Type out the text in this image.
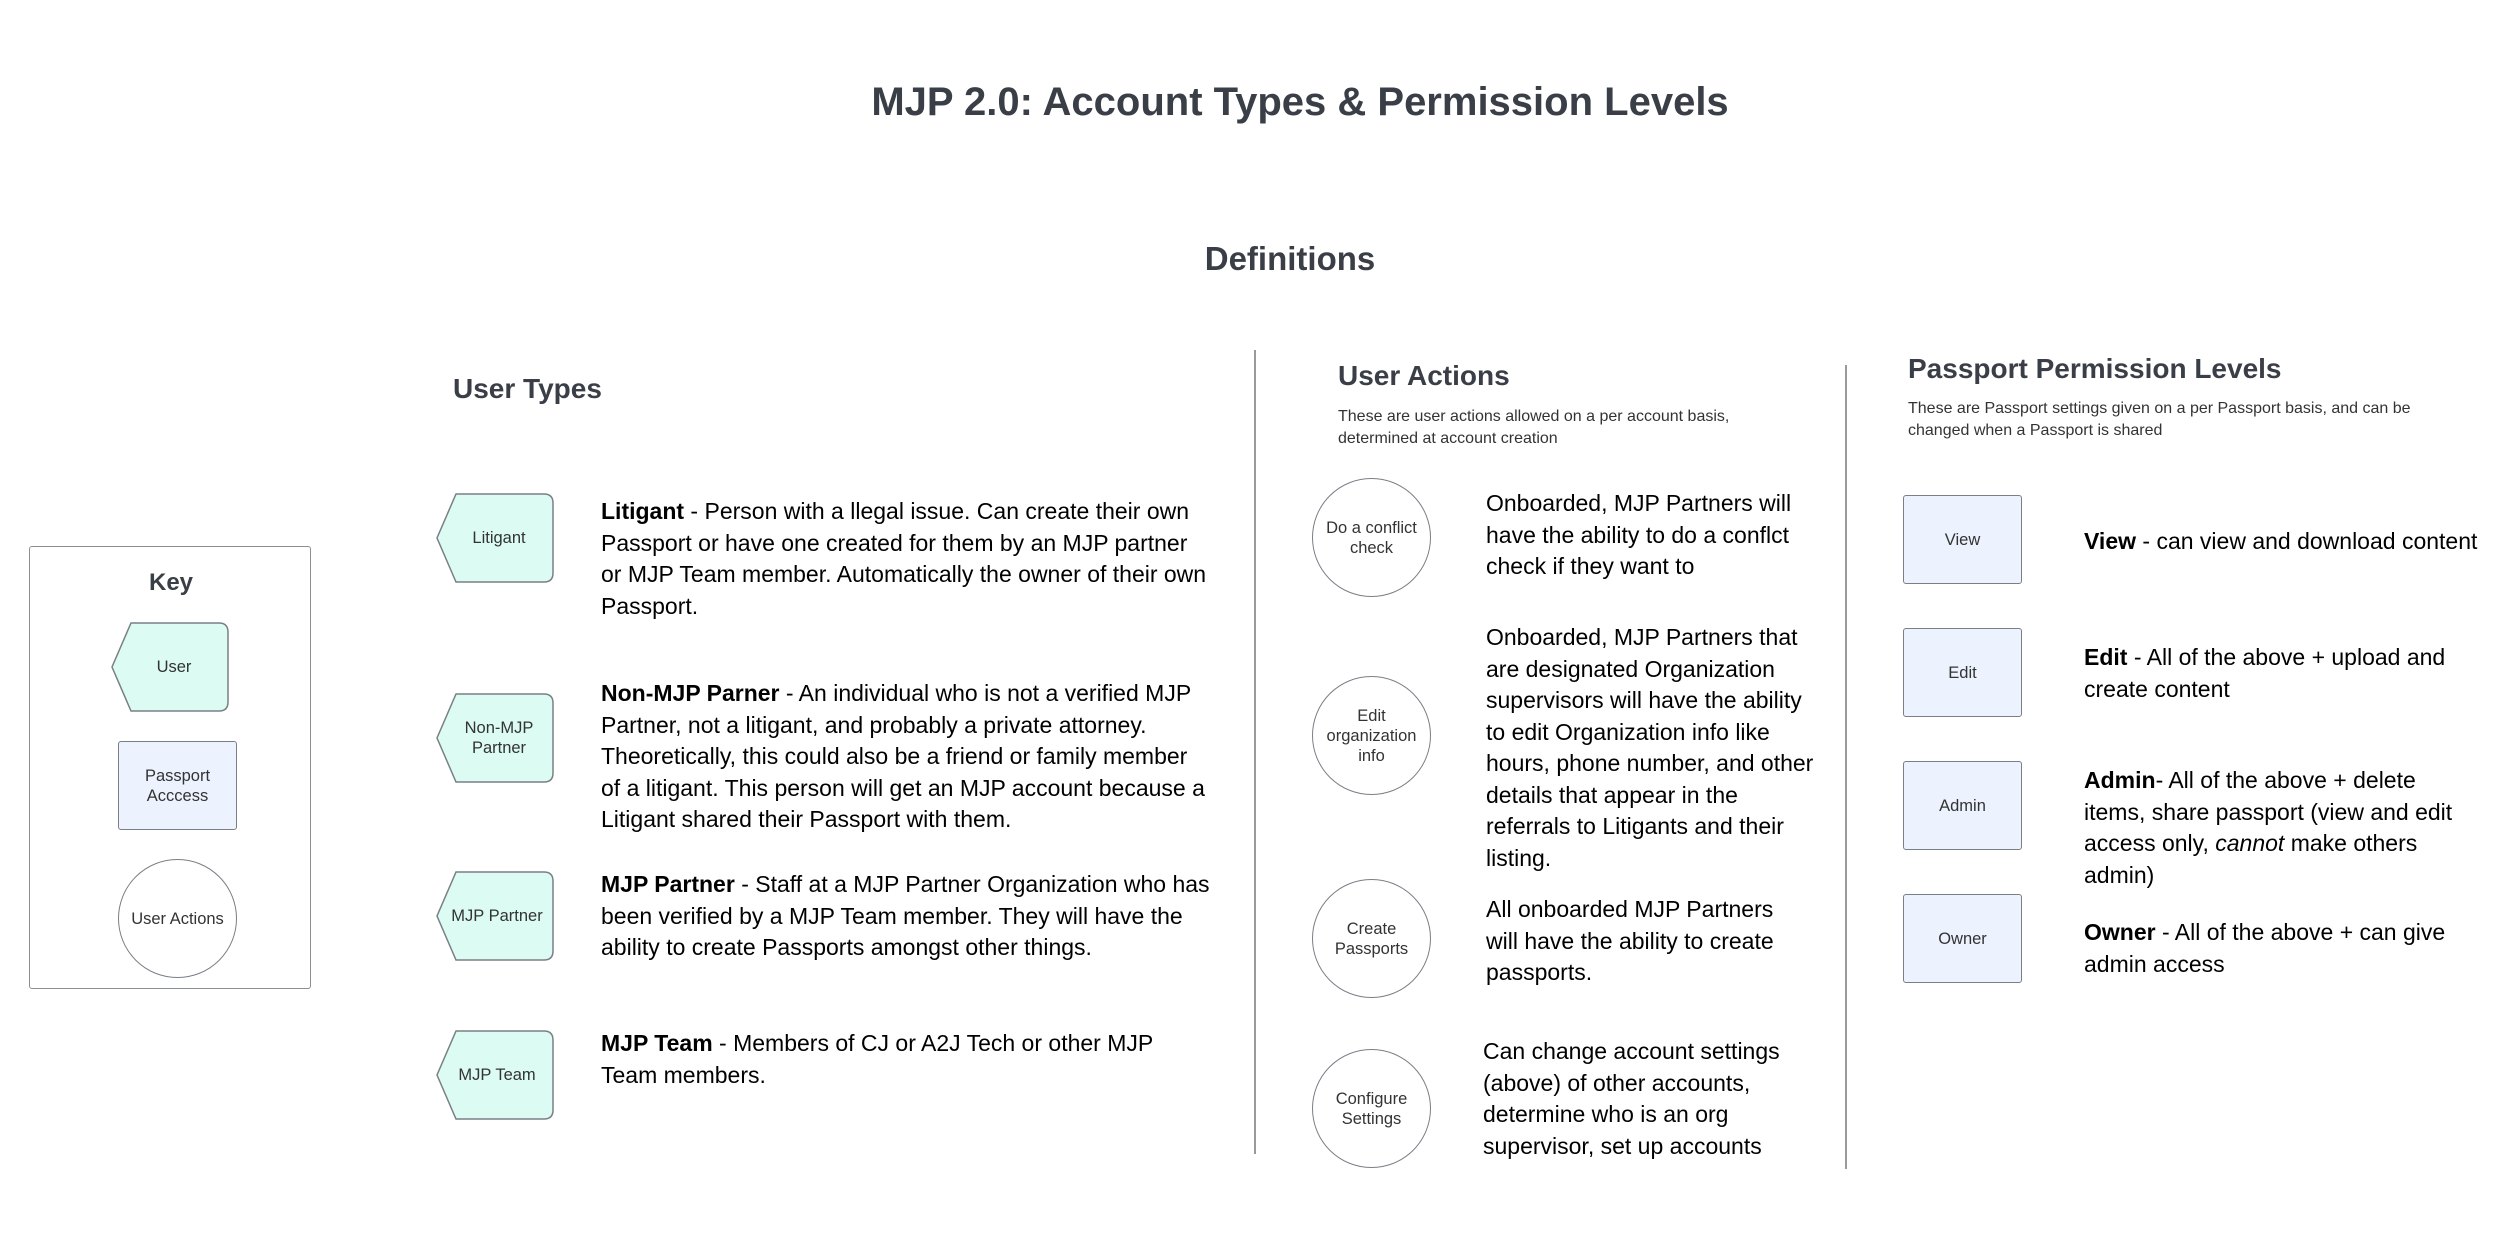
MJP 2.0: Account Types & Permission Levels
Definitions
Key
User
Passport Acccess
User Actions
User Types
Litigant
Litigant - Person with a llegal issue. Can create their own Passport or have one created for them by an MJP partner or MJP Team member. Automatically the owner of their own Passport.
Non-MJP Partner
Non-MJP Parner - An individual who is not a verified MJP Partner, not a litigant, and probably a private attorney. Theoretically, this could also be a friend or family member of a litigant. This person will get an MJP account because a Litigant shared their Passport with them.
MJP Partner
MJP Partner - Staff at a MJP Partner Organization who has been verified by a MJP Team member. They will have the ability to create Passports amongst other things.
MJP Team
MJP Team - Members of CJ or A2J Tech or other MJP Team members.
User Actions
These are user actions allowed on a per account basis, determined at account creation
Do a conflict check
Onboarded, MJP Partners will have the ability to do a conflct check if they want to
Edit organization info
Onboarded, MJP Partners that are designated Organization supervisors will have the ability to edit Organization info like hours, phone number, and other details that appear in the referrals to Litigants and their listing.
Create Passports
All onboarded MJP Partners will have the ability to create passports.
Configure Settings
Can change account settings (above) of other accounts, determine who is an org supervisor, set up accounts
Passport Permission Levels
These are Passport settings given on a per Passport basis, and can be changed when a Passport is shared
View	View - can view and download content
Edit
Edit - All of the above + upload and create content
Admin
Admin- All of the above + delete items, share passport (view and edit access only, cannot make others admin)
Owner	Owner - All of the above + can give admin access
